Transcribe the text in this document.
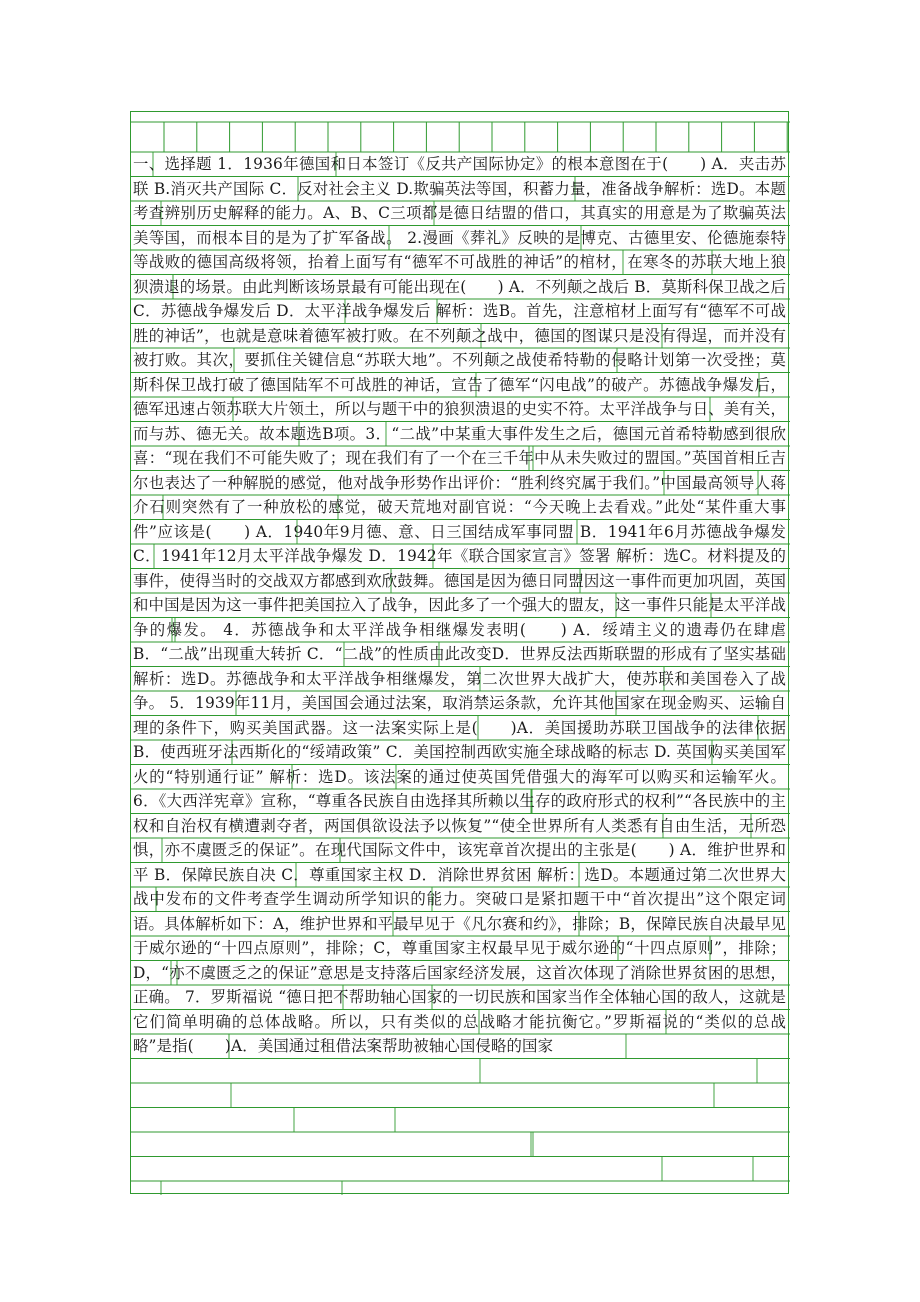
一、选择题 1．1936年德国和日本签订《反共产国际协定》的根本意图在于(　　) A．夹击苏联 B.消灭共产国际 C．反对社会主义 D.欺骗英法等国，积蓄力量，准备战争解析：选D。本题考查辨别历史解释的能力。A、B、C三项都是德日结盟的借口，其真实的用意是为了欺骗英法美等国，而根本目的是为了扩军备战。 2.漫画《葬礼》反映的是博克、古德里安、伦德施泰特等战败的德国高级将领，抬着上面写有“德军不可战胜的神话”的棺材，在寒冬的苏联大地上狼狈溃退的场景。由此判断该场景最有可能出现在(　　) A．不列颠之战后 B．莫斯科保卫战之后 C．苏德战争爆发后 D．太平洋战争爆发后 解析：选B。首先，注意棺材上面写有“德军不可战胜的神话”，也就是意味着德军被打败。在不列颠之战中，德国的图谋只是没有得逞，而并没有被打败。其次，要抓住关键信息“苏联大地”。不列颠之战使希特勒的侵略计划第一次受挫；莫斯科保卫战打破了德国陆军不可战胜的神话，宣告了德军“闪电战”的破产。苏德战争爆发后，德军迅速占领苏联大片领土，所以与题干中的狼狈溃退的史实不符。太平洋战争与日、美有关，而与苏、德无关。故本题选B项。3．“二战”中某重大事件发生之后，德国元首希特勒感到很欣喜：“现在我们不可能失败了；现在我们有了一个在三千年中从未失败过的盟国。”英国首相丘吉尔也表达了一种解脱的感觉，他对战争形势作出评价：“胜利终究属于我们。”中国最高领导人蒋介石则突然有了一种放松的感觉，破天荒地对副官说：“今天晚上去看戏。”此处“某件重大事件”应该是(　　) A．1940年9月德、意、日三国结成军事同盟 B．1941年6月苏德战争爆发 C．1941年12月太平洋战争爆发 D．1942年《联合国家宣言》签署 解析：选C。材料提及的事件，使得当时的交战双方都感到欢欣鼓舞。德国是因为德日同盟因这一事件而更加巩固，英国和中国是因为这一事件把美国拉入了战争，因此多了一个强大的盟友，这一事件只能是太平洋战争的爆发。 4．苏德战争和太平洋战争相继爆发表明(　　) A．绥靖主义的遗毒仍在肆虐 B．“二战”出现重大转折 C．“二战”的性质由此改变D．世界反法西斯联盟的形成有了坚实基础 解析：选D。苏德战争和太平洋战争相继爆发，第二次世界大战扩大，使苏联和美国卷入了战争。 5．1939年11月，美国国会通过法案，取消禁运条款，允许其他国家在现金购买、运输自理的条件下，购买美国武器。这一法案实际上是(　　)A．美国援助苏联卫国战争的法律依据 B．使西班牙法西斯化的“绥靖政策” C．美国控制西欧实施全球战略的标志 D. 英国购买美国军火的“特别通行证” 解析：选D。该法案的通过使英国凭借强大的海军可以购买和运输军火。 6．《大西洋宪章》宣称，“尊重各民族自由选择其所赖以生存的政府形式的权利”“各民族中的主权和自治权有横遭剥夺者，两国俱欲设法予以恢复”“使全世界所有人类悉有自由生活，无所恐惧，亦不虞匮乏的保证”。在现代国际文件中，该宪章首次提出的主张是(　　) A．维护世界和平 B．保障民族自决 C．尊重国家主权 D．消除世界贫困 解析：选D。本题通过第二次世界大战中发布的文件考查学生调动所学知识的能力。突破口是紧扣题干中“首次提出”这个限定词语。具体解析如下：A，维护世界和平最早见于《凡尔赛和约》，排除；B，保障民族自决最早见于威尔逊的“十四点原则”，排除；C，尊重国家主权最早见于威尔逊的“十四点原则”，排除；D，“亦不虞匮乏之的保证”意思是支持落后国家经济发展，这首次体现了消除世界贫困的思想，正确。 7．罗斯福说 “德日把不帮助轴心国家的一切民族和国家当作全体轴心国的敌人，这就是它们简单明确的总体战略。所以，只有类似的总战略才能抗衡它。”罗斯福说的“类似的总战略”是指(　　)A．美国通过租借法案帮助被轴心国侵略的国家
